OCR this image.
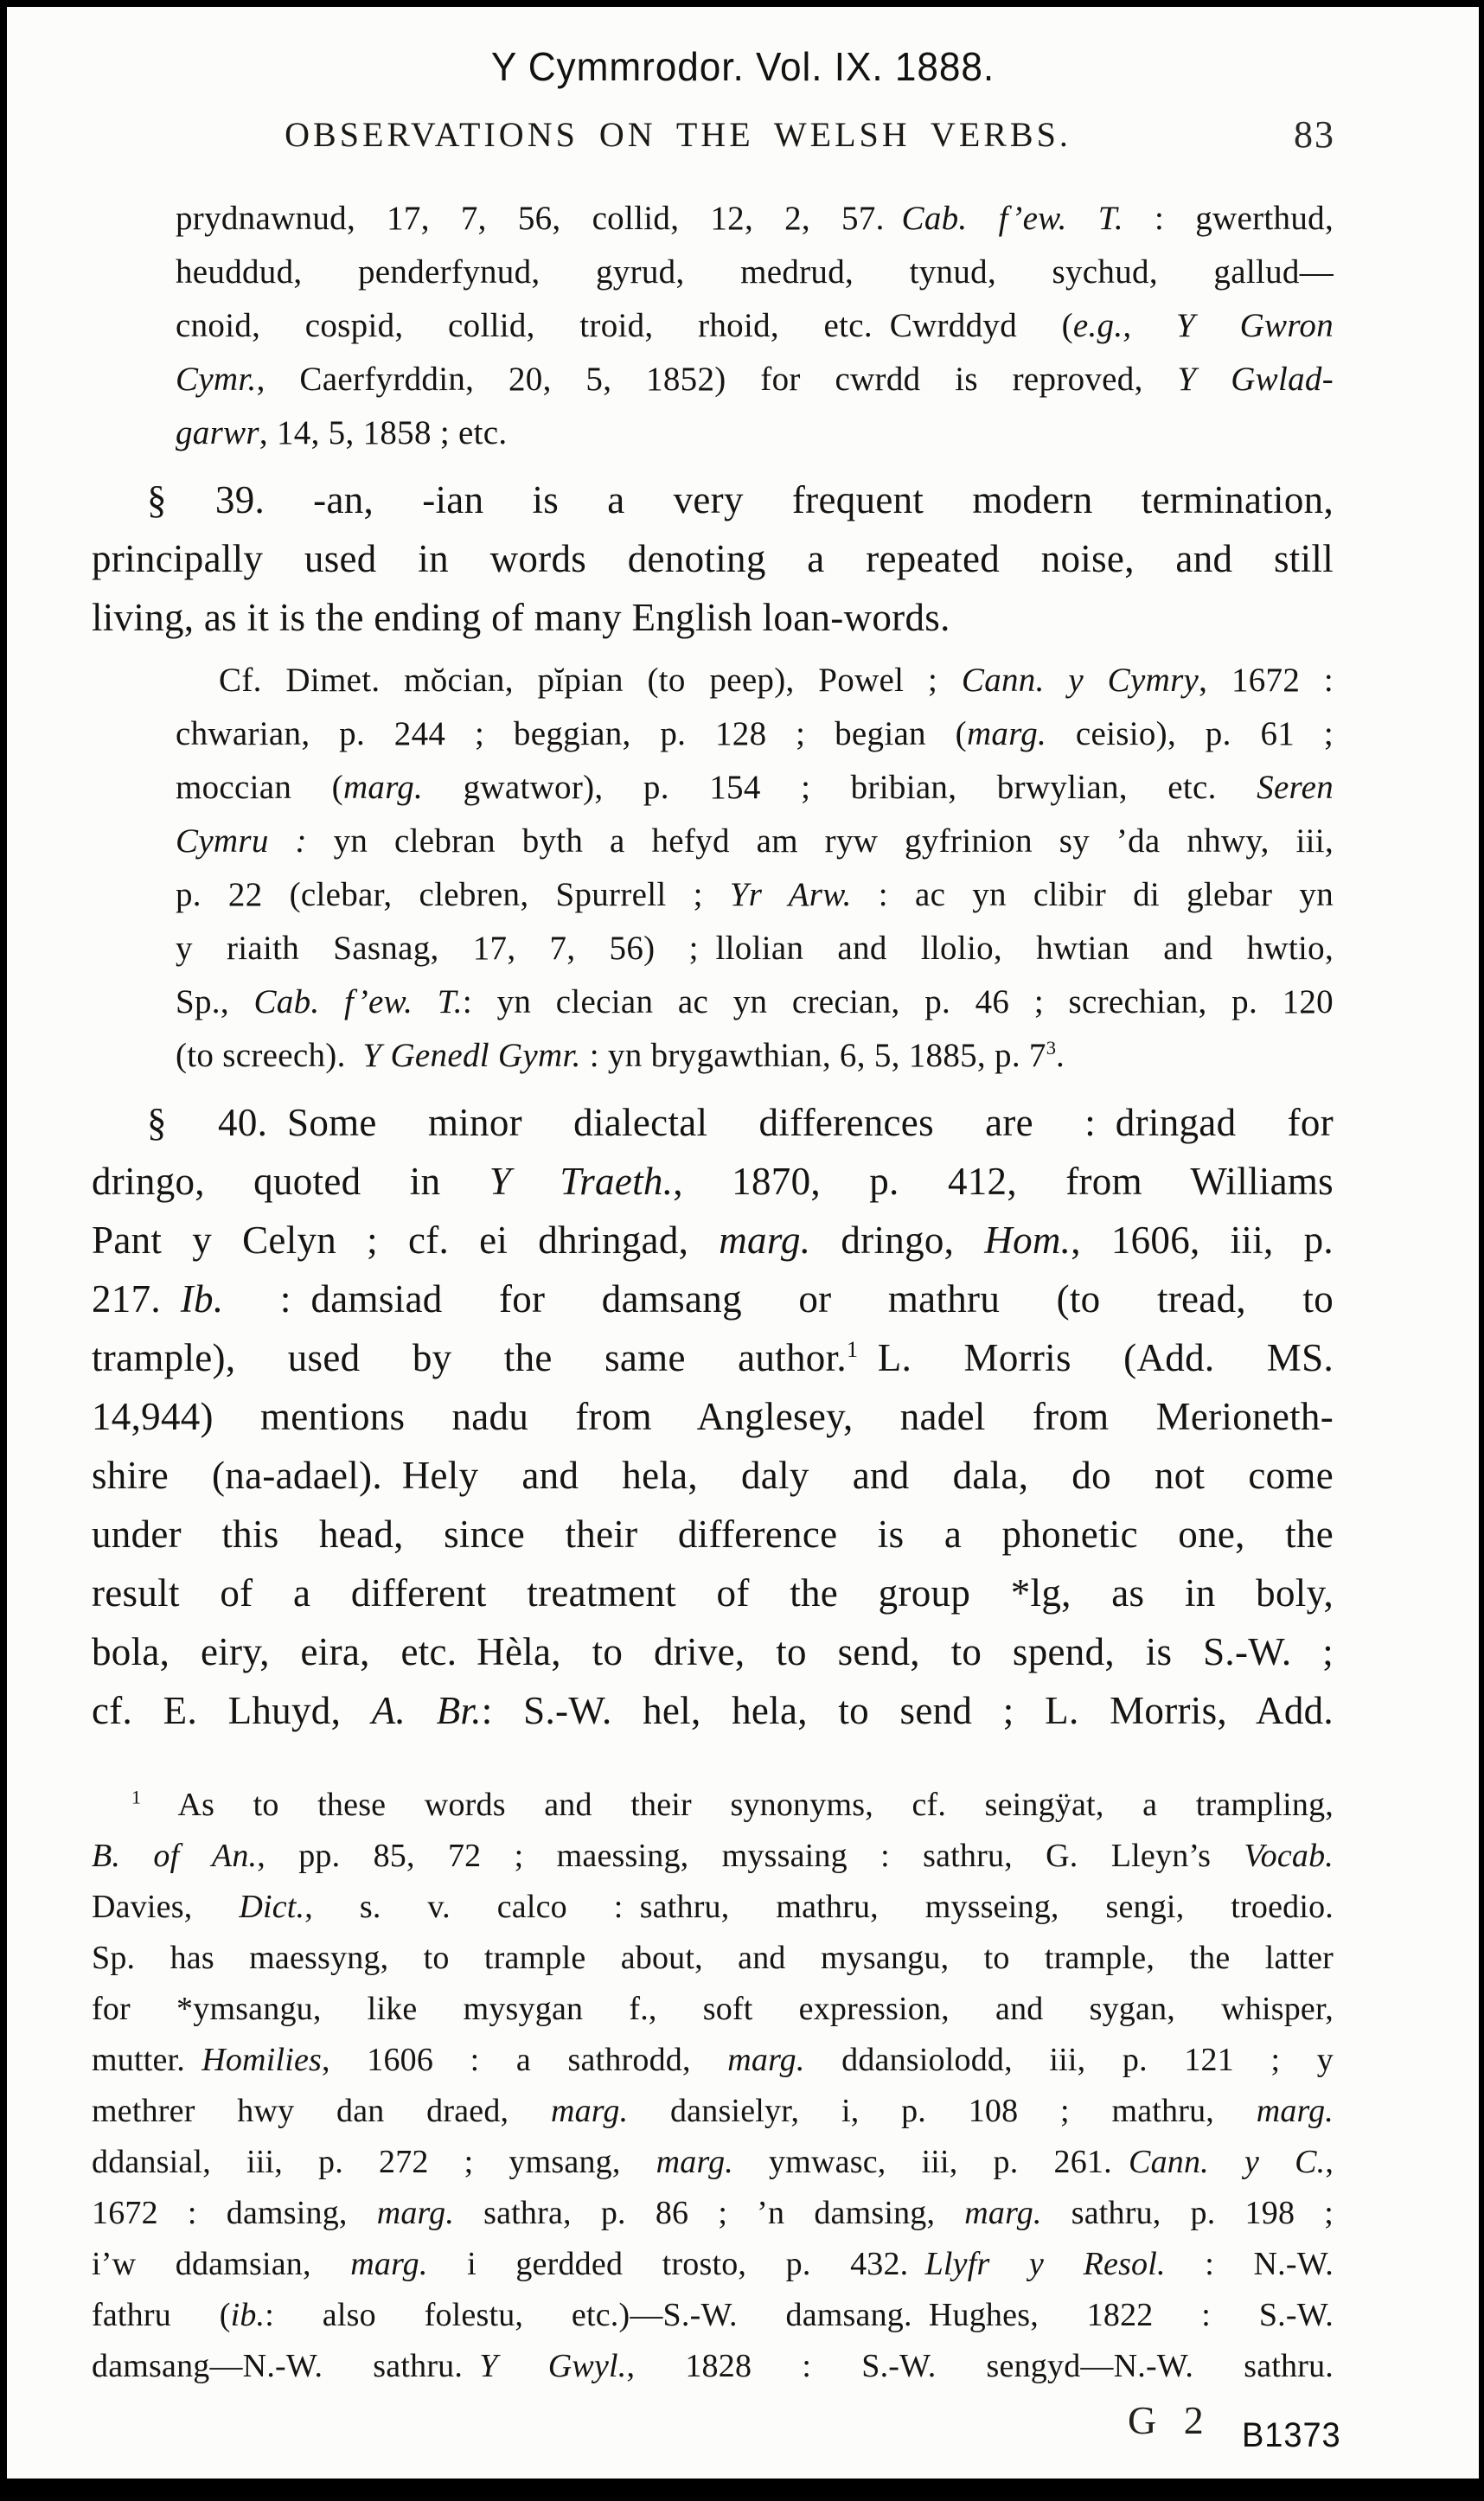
Y Cymmrodor. Vol. IX. 1888.
OBSERVATIONS ON THE WELSH VERBS.	83
prydnawnud, 17, 7, 56, collid, 12, 2, 57. Cab. f’ew. T. : gwerthud,
heuddud, penderfynud, gyrud, medrud, tynud, sychud, gallud—
cnoid, cospid, collid, troid, rhoid, etc. Cwrddyd (e.g., Y Gwron
Cymr., Caerfyrddin, 20, 5, 1852) for cwrdd is reproved, Y Gwlad-
garwr, 14, 5, 1858 ; etc.
§ 39. -an, -ian is a very frequent modern termination,
principally used in words denoting a repeated noise, and still
living, as it is the ending of many English loan-words.
Cf. Dimet. mŏcian, pĭpian (to peep), Powel ; Cann. y Cymry, 1672 :
chwarian, p. 244 ; beggian, p. 128 ; begian (marg. ceisio), p. 61 ;
moccian (marg. gwatwor), p. 154 ; bribian, brwylian, etc. Seren
Cymru : yn clebran byth a hefyd am ryw gyfrinion sy ’da nhwy, iii,
p. 22 (clebar, clebren, Spurrell ; Yr Arw. : ac yn clibir di glebar yn
y riaith Sasnag, 17, 7, 56) ; llolian and llolio, hwtian and hwtio,
Sp., Cab. f’ew. T.: yn clecian ac yn crecian, p. 46 ; screchian, p. 120
(to screech). Y Genedl Gymr. : yn brygawthian, 6, 5, 1885, p. $7^3$.
§ 40. Some minor dialectal differences are : dringad for
dringo, quoted in Y Traeth., 1870, p. 412, from Williams
Pant y Celyn ; cf. ei dhringad, marg. dringo, Hom., 1606, iii, p.
217. Ib. : damsiad for damsang or mathru (to tread, to
trample), used by the same author.$^1$ L. Morris (Add. MS.
14,944) mentions nadu from Anglesey, nadel from Merioneth-
shire (na-adael). Hely and hela, daly and dala, do not come
under this head, since their difference is a phonetic one, the
result of a different treatment of the group *lg, as in boly,
bola, eiry, eira, etc. Hèla, to drive, to send, to spend, is S.-W. ;
cf. E. Lhuyd, A. Br.: S.-W. hel, hela, to send ; L. Morris, Add.
$^1$ As to these words and their synonyms, cf. seingÿat, a trampling,
B. of An., pp. 85, 72 ; maessing, myssaing : sathru, G. Lleyn’s Vocab.
Davies, Dict., s. v. calco : sathru, mathru, mysseing, sengi, troedio.
Sp. has maessyng, to trample about, and mysangu, to trample, the latter
for *ymsangu, like mysygan f., soft expression, and sygan, whisper,
mutter. Homilies, 1606 : a sathrodd, marg. ddansiolodd, iii, p. 121 ; y
methrer hwy dan draed, marg. dansielyr, i, p. 108 ; mathru, marg.
ddansial, iii, p. 272 ; ymsang, marg. ymwasc, iii, p. 261. Cann. y C.,
1672 : damsing, marg. sathra, p. 86 ; ’n damsing, marg. sathru, p. 198 ;
i’w ddamsian, marg. i gerdded trosto, p. 432. Llyfr y Resol. : N.-W.
fathru (ib.: also folestu, etc.)—S.-W. damsang. Hughes, 1822 : S.-W.
damsang—N.-W. sathru. Y Gwyl., 1828 : S.-W. sengyd—N.-W. sathru.
G 2 B1373
